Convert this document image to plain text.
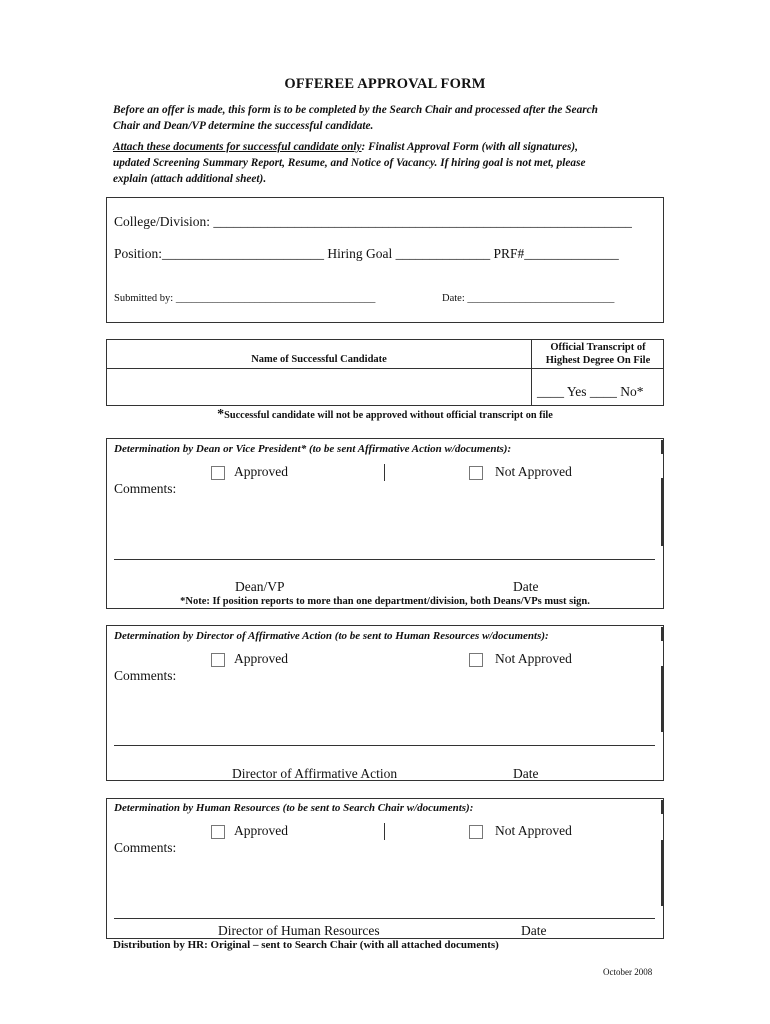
OFFEREE APPROVAL FORM
Before an offer is made, this form is to be completed by the Search Chair and processed after the Search
Chair and Dean/VP determine the successful candidate.
Attach these documents for successful candidate only: Finalist Approval Form (with all signatures),
updated Screening Summary Report, Resume, and Notice of Vacancy. If hiring goal is not met, please
explain (attach additional sheet).
College/Division: ______________________________________________________________
Position:________________________ Hiring Goal ______________ PRF#______________
Submitted by: ______________________________________	Date: ____________________________
Name of Successful Candidate
Official Transcript of
Highest Degree On File
____ Yes ____ No*
*Successful candidate will not be approved without official transcript on file
Determination by Dean or Vice President* (to be sent Affirmative Action w/documents):
Approved	Not Approved
Comments:
Dean/VP	Date
*Note: If position reports to more than one department/division, both Deans/VPs must sign.
Determination by Director of Affirmative Action (to be sent to Human Resources w/documents):
Approved	Not Approved
Comments:
Director of Affirmative Action	Date
Determination by Human Resources (to be sent to Search Chair w/documents):
Approved	Not Approved
Comments:
Director of Human Resources	Date
Distribution by HR: Original – sent to Search Chair (with all attached documents)
October 2008
